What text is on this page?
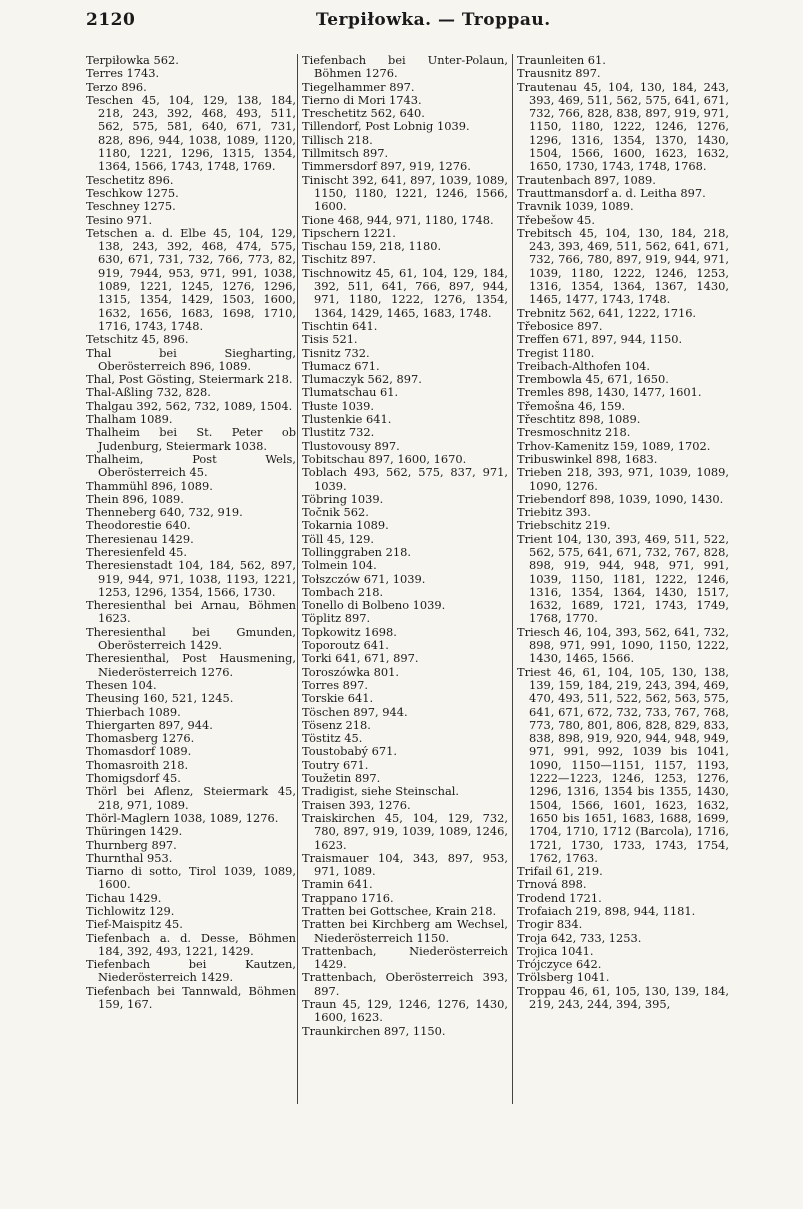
2120	Terpiłowka. — Troppau.
Terpiłowka 562.
Terres 1743.
Terzo 896.
Teschen 45, 104, 129, 138, 184, 218, 243, 392, 468, 493, 511, 562, 575, 581, 640, 671, 731, 828, 896, 944, 1038, 1089, 1120, 1180, 1221, 1296, 1315, 1354, 1364, 1566, 1743, 1748, 1769.
Teschetitz 896.
Teschkow 1275.
Teschney 1275.
Tesino 971.
Tetschen a. d. Elbe 45, 104, 129, 138, 243, 392, 468, 474, 575, 630, 671, 731, 732, 766, 773, 82, 919, 7944, 953, 971, 991, 1038, 1089, 1221, 1245, 1276, 1296, 1315, 1354, 1429, 1503, 1600, 1632, 1656, 1683, 1698, 1710, 1716, 1743, 1748.
Tetschitz 45, 896.
Thal bei Siegharting, Oberösterreich 896, 1089.
Thal, Post Gösting, Steiermark 218.
Thal-Aßling 732, 828.
Thalgau 392, 562, 732, 1089, 1504.
Thalham 1089.
Thalheim bei St. Peter ob Judenburg, Steiermark 1038.
Thalheim, Post Wels, Oberösterreich 45.
Thammühl 896, 1089.
Thein 896, 1089.
Thenneberg 640, 732, 919.
Theodorestie 640.
Theresienau 1429.
Theresienfeld 45.
Theresienstadt 104, 184, 562, 897, 919, 944, 971, 1038, 1193, 1221, 1253, 1296, 1354, 1566, 1730.
Theresienthal bei Arnau, Böhmen 1623.
Theresienthal bei Gmunden, Oberösterreich 1429.
Theresienthal, Post Hausmening, Niederösterreich 1276.
Thesen 104.
Theusing 160, 521, 1245.
Thierbach 1089.
Thiergarten 897, 944.
Thomasberg 1276.
Thomasdorf 1089.
Thomasroith 218.
Thomigsdorf 45.
Thörl bei Aflenz, Steiermark 45, 218, 971, 1089.
Thörl-Maglern 1038, 1089, 1276.
Thüringen 1429.
Thurnberg 897.
Thurnthal 953.
Tiarno di sotto, Tirol 1039, 1089, 1600.
Tichau 1429.
Tichlowitz 129.
Tief-Maispitz 45.
Tiefenbach a. d. Desse, Böhmen 184, 392, 493, 1221, 1429.
Tiefenbach bei Kautzen, Niederösterreich 1429.
Tiefenbach bei Tannwald, Böhmen 159, 167.
Tiefenbach bei Unter-Polaun, Böhmen 1276.
Tiegelhammer 897.
Tierno di Mori 1743.
Treschetitz 562, 640.
Tillendorf, Post Lobnig 1039.
Tillisch 218.
Tillmitsch 897.
Timmersdorf 897, 919, 1276.
Tinischt 392, 641, 897, 1039, 1089, 1150, 1180, 1221, 1246, 1566, 1600.
Tione 468, 944, 971, 1180, 1748.
Tipschern 1221.
Tischau 159, 218, 1180.
Tischitz 897.
Tischnowitz 45, 61, 104, 129, 184, 392, 511, 641, 766, 897, 944, 971, 1180, 1222, 1276, 1354, 1364, 1429, 1465, 1683, 1748.
Tischtin 641.
Tisis 521.
Tisnitz 732.
Tłumacz 671.
Tlumaczyk 562, 897.
Tlumatschau 61.
Tłuste 1039.
Tlustenkie 641.
Tlustitz 732.
Tlustovousy 897.
Tobitschau 897, 1600, 1670.
Toblach 493, 562, 575, 837, 971, 1039.
Töbring 1039.
Točnik 562.
Tokarnia 1089.
Töll 45, 129.
Tollinggraben 218.
Tolmein 104.
Tołszczów 671, 1039.
Tombach 218.
Tonello di Bolbeno 1039.
Töplitz 897.
Topkowitz 1698.
Toporoutz 641.
Torki 641, 671, 897.
Toroszówka 801.
Torres 897.
Torskie 641.
Töschen 897, 944.
Tösenz 218.
Töstitz 45.
Toustobabý 671.
Toutry 671.
Toužetin 897.
Tradigist, siehe Steinschal.
Traisen 393, 1276.
Traiskirchen 45, 104, 129, 732, 780, 897, 919, 1039, 1089, 1246, 1623.
Traismauer 104, 343, 897, 953, 971, 1089.
Tramin 641.
Trappano 1716.
Tratten bei Gottschee, Krain 218.
Tratten bei Kirchberg am Wechsel, Niederösterreich 1150.
Trattenbach, Niederösterreich 1429.
Trattenbach, Oberösterreich 393, 897.
Traun 45, 129, 1246, 1276, 1430, 1600, 1623.
Traunkirchen 897, 1150.
Traunleiten 61.
Trausnitz 897.
Trautenau 45, 104, 130, 184, 243, 393, 469, 511, 562, 575, 641, 671, 732, 766, 828, 838, 897, 919, 971, 1150, 1180, 1222, 1246, 1276, 1296, 1316, 1354, 1370, 1430, 1504, 1566, 1600, 1623, 1632, 1650, 1730, 1743, 1748, 1768.
Trautenbach 897, 1089.
Trauttmansdorf a. d. Leitha 897.
Travnik 1039, 1089.
Třebešow 45.
Trebitsch 45, 104, 130, 184, 218, 243, 393, 469, 511, 562, 641, 671, 732, 766, 780, 897, 919, 944, 971, 1039, 1180, 1222, 1246, 1253, 1316, 1354, 1364, 1367, 1430, 1465, 1477, 1743, 1748.
Trebnitz 562, 641, 1222, 1716.
Třebosice 897.
Treffen 671, 897, 944, 1150.
Tregist 1180.
Treibach-Althofen 104.
Trembowla 45, 671, 1650.
Tremles 898, 1430, 1477, 1601.
Třemošna 46, 159.
Třeschtitz 898, 1089.
Tresmoschnitz 218.
Trhov-Kamenitz 159, 1089, 1702.
Tribuswinkel 898, 1683.
Trieben 218, 393, 971, 1039, 1089, 1090, 1276.
Triebendorf 898, 1039, 1090, 1430.
Triebitz 393.
Triebschitz 219.
Trient 104, 130, 393, 469, 511, 522, 562, 575, 641, 671, 732, 767, 828, 898, 919, 944, 948, 971, 991, 1039, 1150, 1181, 1222, 1246, 1316, 1354, 1364, 1430, 1517, 1632, 1689, 1721, 1743, 1749, 1768, 1770.
Triesch 46, 104, 393, 562, 641, 732, 898, 971, 991, 1090, 1150, 1222, 1430, 1465, 1566.
Triest 46, 61, 104, 105, 130, 138, 139, 159, 184, 219, 243, 394, 469, 470, 493, 511, 522, 562, 563, 575, 641, 671, 672, 732, 733, 767, 768, 773, 780, 801, 806, 828, 829, 833, 838, 898, 919, 920, 944, 948, 949, 971, 991, 992, 1039 bis 1041, 1090, 1150—1151, 1157, 1193, 1222—1223, 1246, 1253, 1276, 1296, 1316, 1354 bis 1355, 1430, 1504, 1566, 1601, 1623, 1632, 1650 bis 1651, 1683, 1688, 1699, 1704, 1710, 1712 (Barcola), 1716, 1721, 1730, 1733, 1743, 1754, 1762, 1763.
Trifail 61, 219.
Trnová 898.
Trodend 1721.
Trofaiach 219, 898, 944, 1181.
Trogir 834.
Troja 642, 733, 1253.
Trojica 1041.
Trójczyce 642.
Trölsberg 1041.
Troppau 46, 61, 105, 130, 139, 184, 219, 243, 244, 394, 395,
